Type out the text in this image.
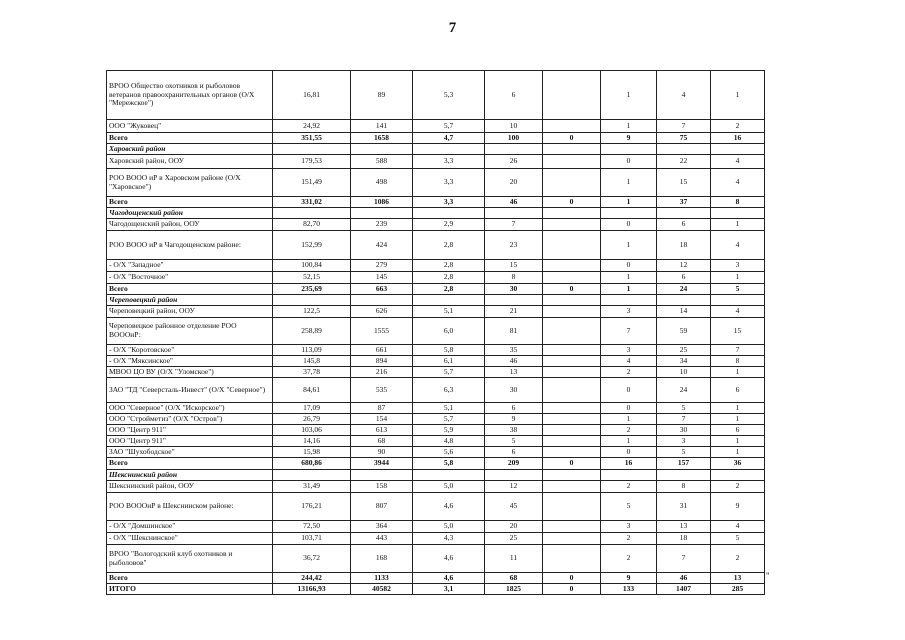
7
ВРОО Общество охотников и рыболовов ветеранов правоохранительных органов (О/Х "Мережское")	16,81	89	5,3	6		1	4	1
ООО "Жуковец"	24,92	141	5,7	10		1	7	2
Всего	351,55	1658	4,7	100	0	9	75	16
Харовский район								
Харовский район, ООУ	179,53	588	3,3	26		0	22	4
РОО ВООО иР в Харовском районе (О/Х "Харовское")	151,49	498	3,3	20		1	15	4
Всего	331,02	1086	3,3	46	0	1	37	8
Чагодощенский район								
Чагодощенский район, ООУ	82,70	239	2,9	7		0	6	1
РОО ВООО иР в Чагодощенском районе:	152,99	424	2,8	23		1	18	4
- О/Х "Западное"	100,84	279	2,8	15		0	12	3
- О/Х "Восточное"	52,15	145	2,8	8		1	6	1
Всего	235,69	663	2,8	30	0	1	24	5
Череповецкий район								
Череповецкий район, ООУ	122,5	626	5,1	21		3	14	4
Череповецкое районное отделение РОО ВОООиР:	258,89	1555	6,0	81		7	59	15
- О/Х "Коротовское"	113,09	661	5,8	35		3	25	7
- О/Х "Мяксинское"	145,8	894	6,1	46		4	34	8
МВОО ЦО ВУ (О/Х "Уломское")	37,78	216	5,7	13		2	10	1
ЗАО "ТД "Северсталь-Инвест" (О/Х "Северное")	84,61	535	6,3	30		0	24	6
ООО "Северное" (О/Х "Искорское")	17,09	87	5,1	6		0	5	1
ООО "Стройметиз" (О/Х "Остров")	26,79	154	5,7	9		1	7	1
ООО "Центр 911"	103,06	613	5,9	38		2	30	6
ООО "Центр 911"	14,16	68	4,8	5		1	3	1
ЗАО "Шухободское"	15,98	90	5,6	6		0	5	1
Всего	680,86	3944	5,8	209	0	16	157	36
Шекснинский район								
Шекснинский район, ООУ	31,49	158	5,0	12		2	8	2
РОО ВОООиР в Шекснинском районе:	176,21	807	4,6	45		5	31	9
- О/Х "Домшинское"	72,50	364	5,0	20		3	13	4
- О/Х "Шекснинское"	103,71	443	4,3	25		2	18	5
ВРОО "Вологодский клуб охотников и рыболовов"	36,72	168	4,6	11		2	7	2
Всего	244,42	1133	4,6	68	0	9	46	13
ИТОГО	13166,93	40582	3,1	1825	0	133	1407	285
"
